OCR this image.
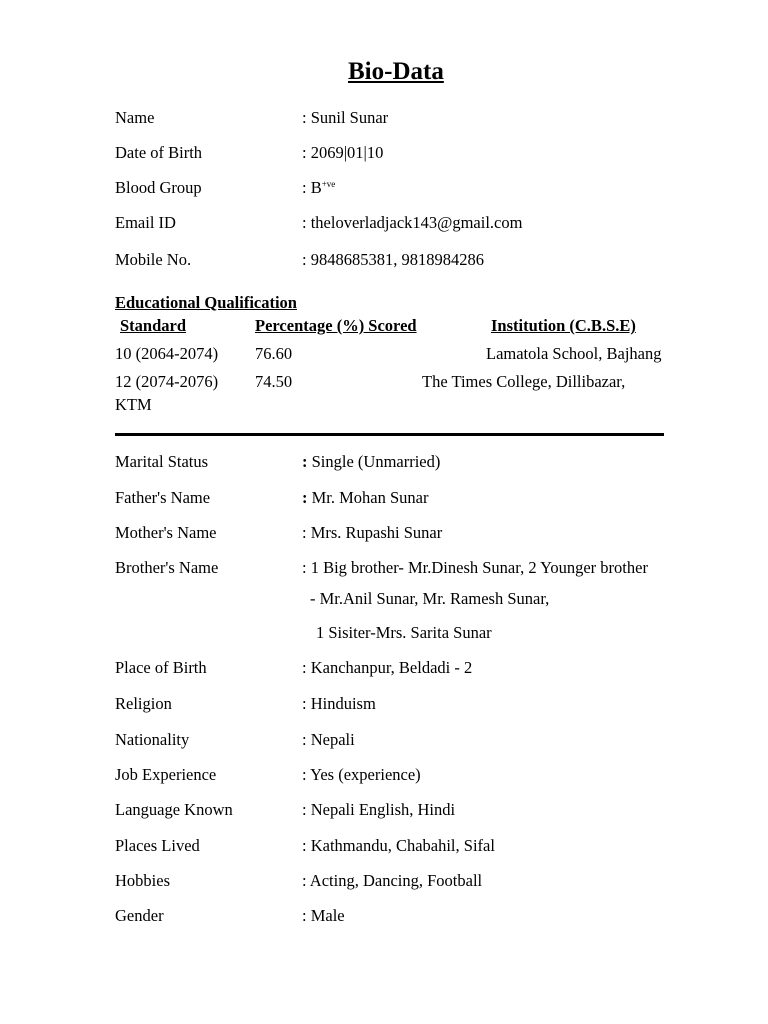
Bio-Data
Name	: Sunil Sunar
Date of Birth	: 2069|01|10
Blood Group	: $B^{+ve}$
Email ID	: theloverladjack143@gmail.com
Mobile No.	: 9848685381, 9818984286
Educational Qualification
Standard	Percentage (%) Scored	Institution (C.B.S.E)
10 (2064-2074) 76.60	Lamatola School, Bajhang
12 (2074-2076) 74.50	The Times College, Dillibazar,
KTM
Marital Status	: Single (Unmarried)
Father's Name	: Mr. Mohan Sunar
Mother's Name	: Mrs. Rupashi Sunar
Brother's Name	: 1 Big brother- Mr.Dinesh Sunar, 2 Younger brother
- Mr.Anil Sunar, Mr. Ramesh Sunar,
1 Sisiter-Mrs. Sarita Sunar
Place of Birth	: Kanchanpur, Beldadi - 2
Religion	: Hinduism
Nationality	: Nepali
Job Experience	: Yes (experience)
Language Known	: Nepali English, Hindi
Places Lived	: Kathmandu, Chabahil, Sifal
Hobbies	: Acting, Dancing, Football
Gender	: Male
